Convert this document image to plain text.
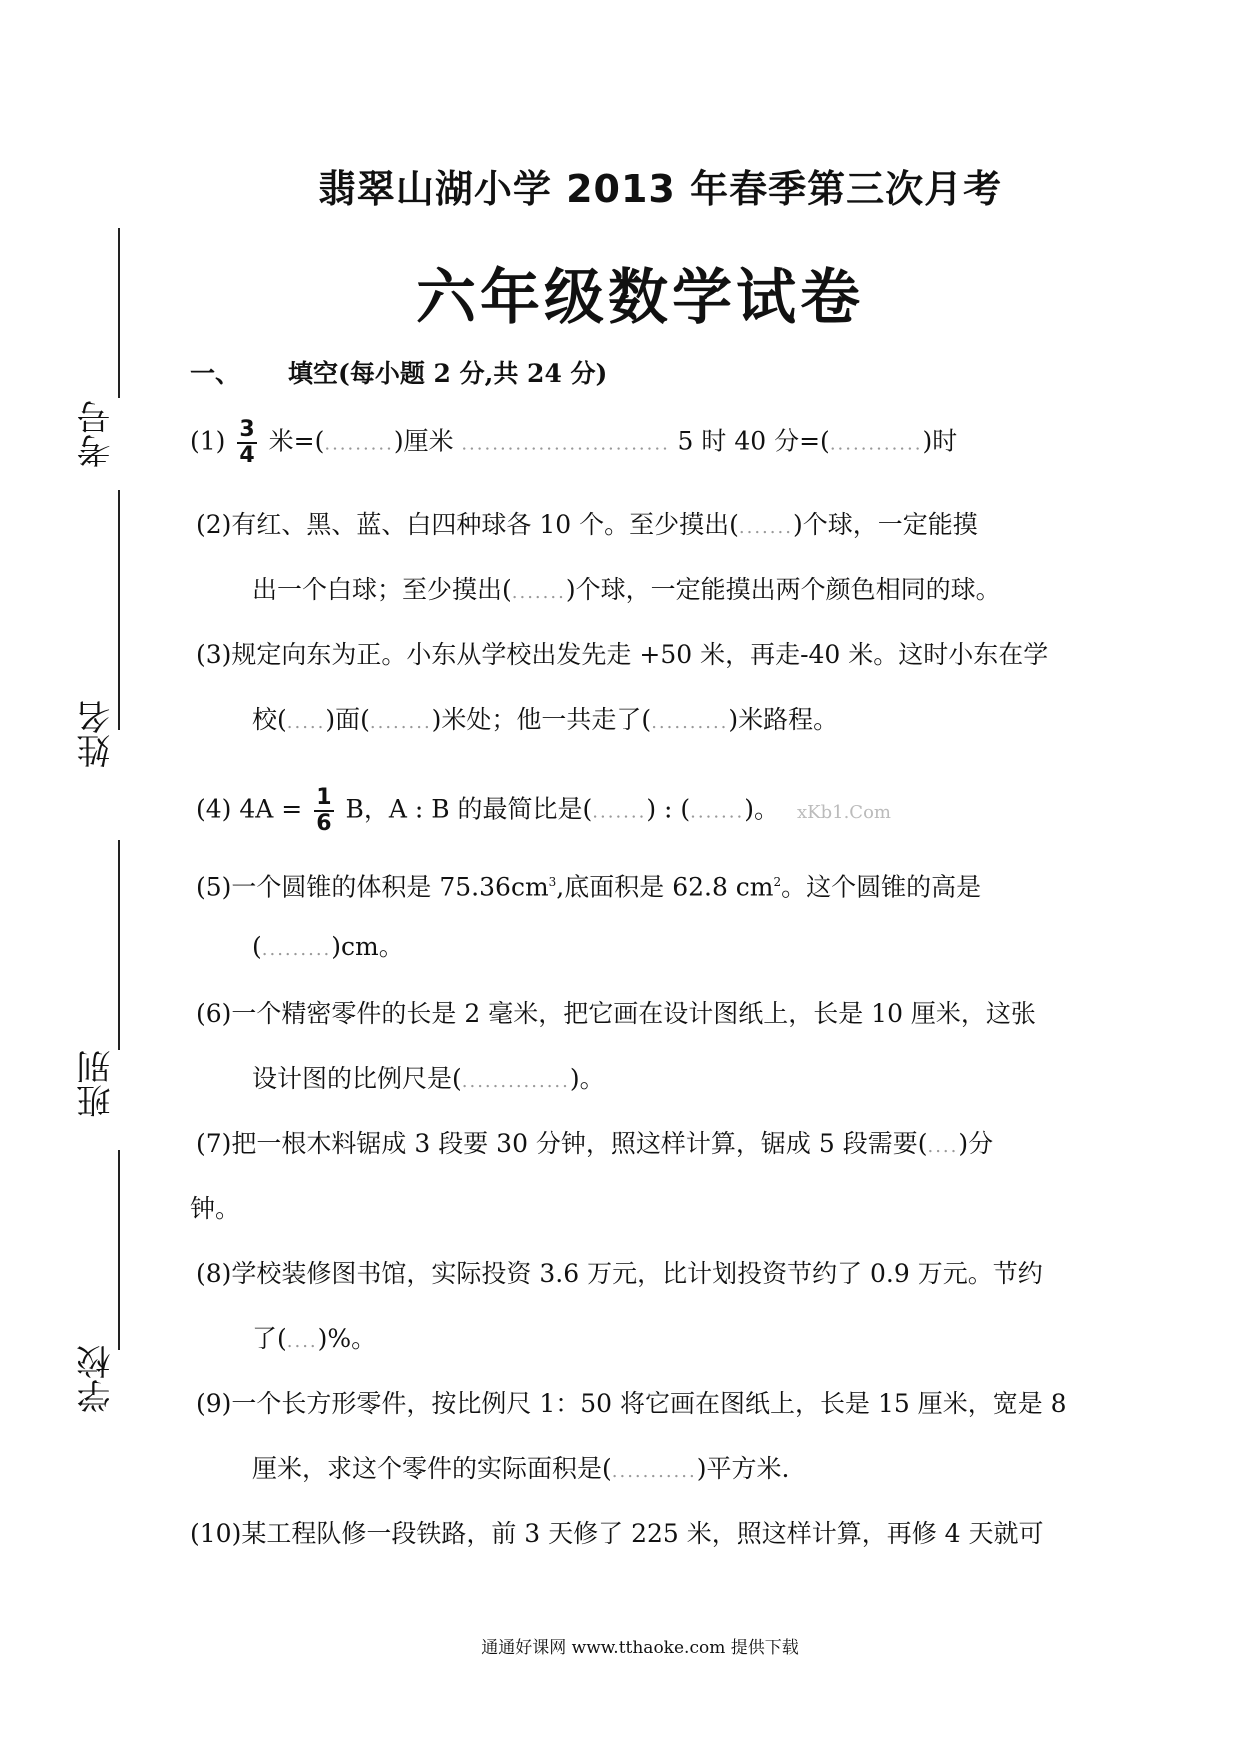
翡翠山湖小学 2013 年春季第三次月考
六年级数学试卷
考号
姓名
班别
学校
一、 填空(每小题 2 分,共 24 分)
$(1) \frac{3}{4}$ 米=(.........)厘米 ........................... 5 时 40 分=(............)时
(2)有红、黑、蓝、白四种球各 10 个。至少摸出(.......)个球，一定能摸
出一个白球；至少摸出(.......)个球，一定能摸出两个颜色相同的球。
(3)规定向东为正。小东从学校出发先走 +50 米，再走-40 米。这时小东在学
校(.....)面(........)米处；他一共走了(..........)米路程。
(4) $4A = \frac{1}{6}$ B，A : B 的最简比是(.......) : (.......)。 xKb1.Com
(5)一个圆锥的体积是 $75.36cm^3$,底面积是 62.8 $cm^2$。这个圆锥的高是
(.........)cm。
(6)一个精密零件的长是 2 毫米，把它画在设计图纸上，长是 10 厘米，这张
设计图的比例尺是(..............)。
(7)把一根木料锯成 3 段要 30 分钟，照这样计算，锯成 5 段需要(....)分
钟。
(8)学校装修图书馆，实际投资 3.6 万元，比计划投资节约了 0.9 万元。节约
了(....)%。
(9)一个长方形零件，按比例尺 1：50 将它画在图纸上，长是 15 厘米，宽是 8
厘米，求这个零件的实际面积是(...........)平方米.
(10)某工程队修一段铁路，前 3 天修了 225 米，照这样计算，再修 4 天就可
通通好课网 www.tthaoke.com 提供下载
